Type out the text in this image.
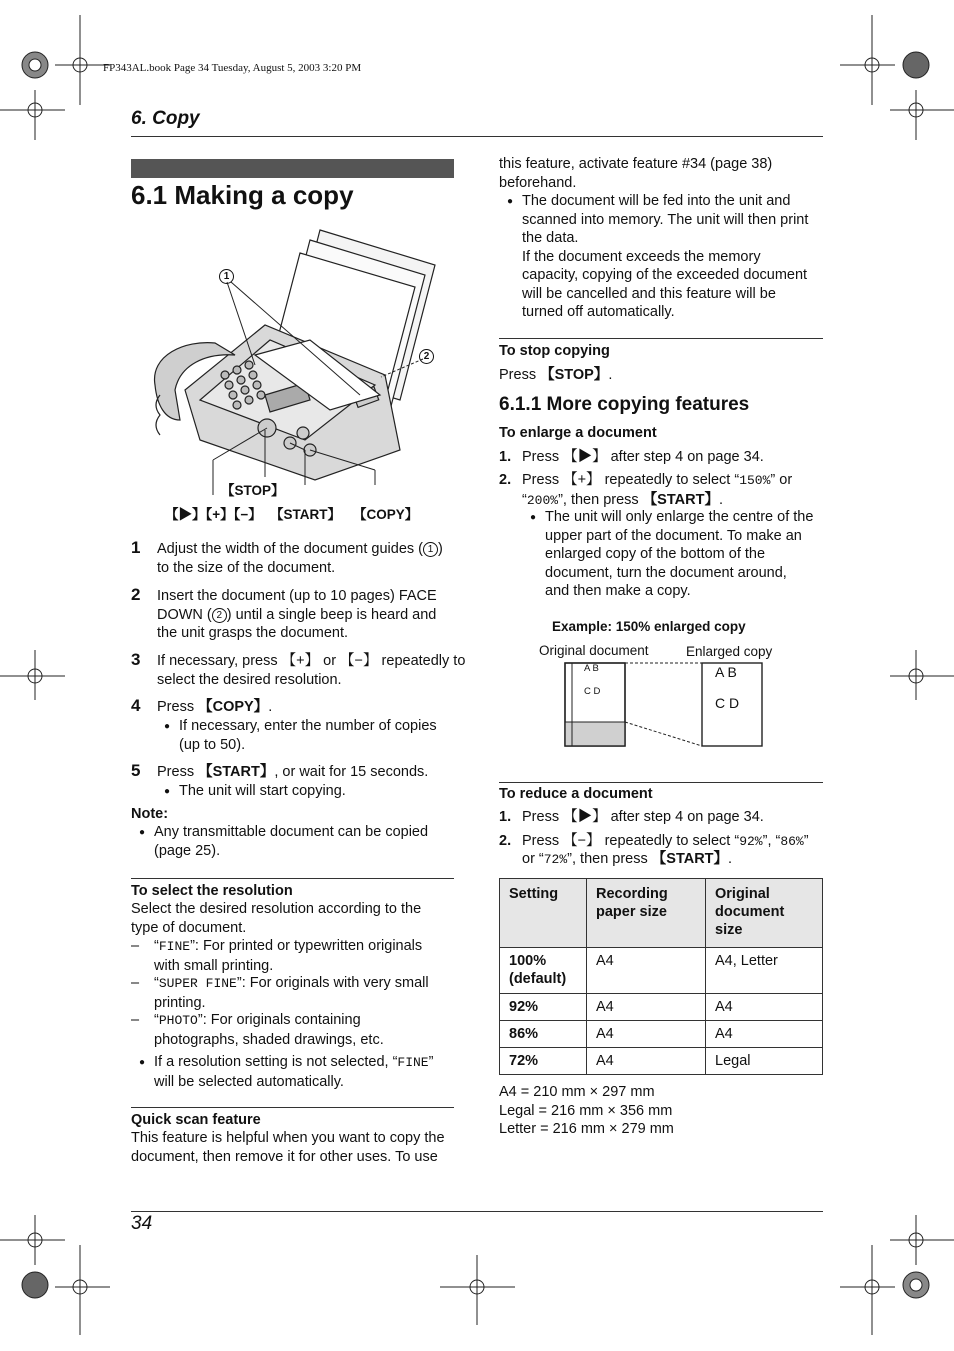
FP343AL.book Page 34 Tuesday, August 5, 2003 3:20 PM
6. Copy
6.1 Making a copy
1
2
【STOP】
【▶】【+】【−】 【START】 【COPY】
1 Adjust the width of the document guides ( 1 )
to the size of the document.
2 Insert the document (up to 10 pages) FACE
DOWN ( 2 ) until a single beep is heard and
the unit grasps the document.
3 If necessary, press 【+】 or 【−】 repeatedly to
select the desired resolution.
4 Press 【COPY】.
● If necessary, enter the number of copies
(up to 50).
5 Press 【START】, or wait for 15 seconds.
● The unit will start copying.
Note:
● Any transmittable document can be copied
(page 25).
To select the resolution
Select the desired resolution according to the
type of document.
– “FINE”: For printed or typewritten originals
with small printing.
– “SUPER FINE”: For originals with very small
printing.
– “PHOTO”: For originals containing
photographs, shaded drawings, etc.
● If a resolution setting is not selected, “FINE”
will be selected automatically.
Quick scan feature
This feature is helpful when you want to copy the
document, then remove it for other uses. To use
this feature, activate feature #34 (page 38)
beforehand.
● The document will be fed into the unit and
scanned into memory. The unit will then print
the data.
If the document exceeds the memory
capacity, copying of the exceeded document
will be cancelled and this feature will be
turned off automatically.
To stop copying
Press 【STOP】.
6.1.1 More copying features
To enlarge a document
1. Press 【▶】 after step 4 on page 34.
2. Press 【+】 repeatedly to select “150%” or
“200%”, then press 【START】.
● The unit will only enlarge the centre of the
upper part of the document. To make an
enlarged copy of the bottom of the
document, turn the document around,
and then make a copy.
Example: 150% enlarged copy
Original document	Enlarged copy
A B
C D
A B
C D
To reduce a document
1. Press 【▶】 after step 4 on page 34.
2. Press 【−】 repeatedly to select “92%”, “86%”
or “72%”, then press 【START】.
Setting	Recording paper size	Original document size
100% (default)	A4	A4, Letter
92%	A4	A4
86%	A4	A4
72%	A4	Legal
A4 = 210 mm × 297 mm
Legal = 216 mm × 356 mm
Letter = 216 mm × 279 mm
34
